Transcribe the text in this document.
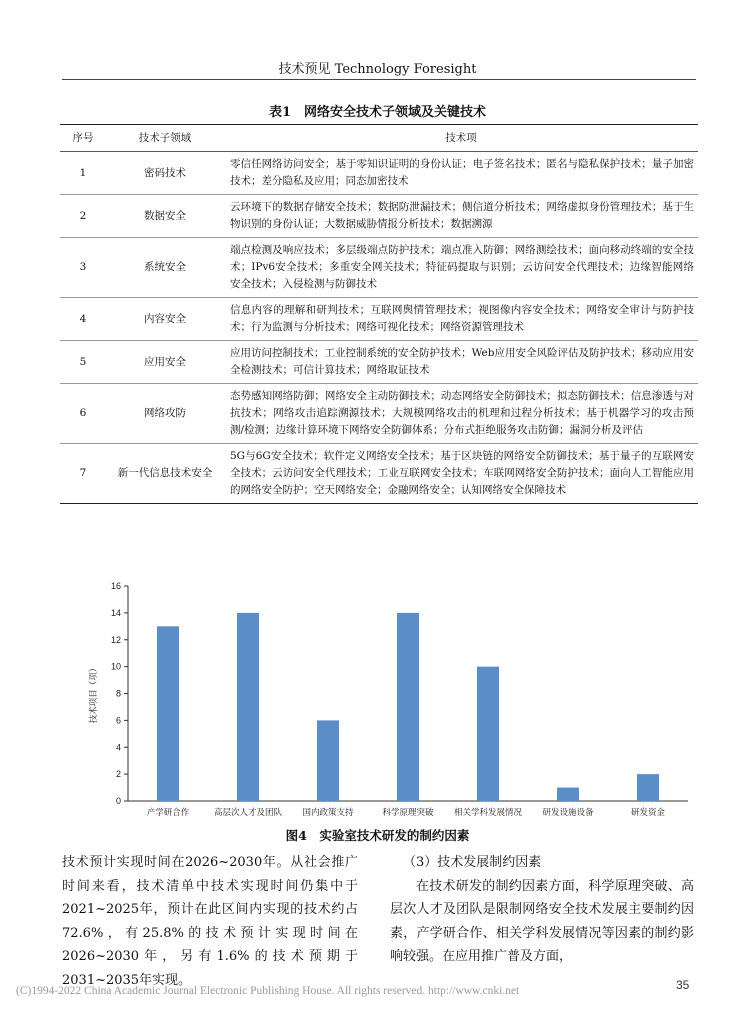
技术预见 Technology Foresight
表1　网络安全技术子领域及关键技术
序号	技术子领域	技术项
1	密码技术	零信任网络访问安全；基于零知识证明的身份认证；电子签名技术；匿名与隐私保护技术；量子加密技术；差分隐私及应用；同态加密技术
2	数据安全	云环境下的数据存储安全技术；数据防泄漏技术；侧信道分析技术；网络虚拟身份管理技术；基于生物识别的身份认证；大数据威胁情报分析技术；数据溯源
3	系统安全	端点检测及响应技术；多层级端点防护技术；端点准入防御；网络测绘技术；面向移动终端的安全技术；IPv6安全技术；多重安全网关技术；特征码提取与识别；云访问安全代理技术；边缘智能网络安全技术；入侵检测与防御技术
4	内容安全	信息内容的理解和研判技术；互联网舆情管理技术；视图像内容安全技术；网络安全审计与防护技术；行为监测与分析技术；网络可视化技术；网络资源管理技术
5	应用安全	应用访问控制技术；工业控制系统的安全防护技术；Web应用安全风险评估及防护技术；移动应用安全检测技术；可信计算技术；网络取证技术
6	网络攻防	态势感知网络防御；网络安全主动防御技术；动态网络安全防御技术；拟态防御技术；信息渗透与对抗技术；网络攻击追踪溯源技术；大规模网络攻击的机理和过程分析技术；基于机器学习的攻击预测/检测；边缘计算环境下网络安全防御体系；分布式拒绝服务攻击防御；漏洞分析及评估
7	新一代信息技术安全	5G与6G安全技术；软件定义网络安全技术；基于区块链的网络安全防御技术；基于量子的互联网安全技术；云访问安全代理技术；工业互联网安全技术；车联网网络安全防护技术；面向人工智能应用的网络安全防护；空天网络安全；金融网络安全；认知网络安全保障技术
0
2
4
6
8
10
12
14
16
技术项目（项）
产学研合作	高层次人才及团队 国内政策支持	科学原理突破 相关学科发展情况 研发设施设备	研发资金
图4　实验室技术研发的制约因素

技术预计实现时间在2026~2030年。从社会推广时间来看，技术清单中技术实现时间仍集中于2021~2025年，预计在此区间内实现的技术约占72.6%，有25.8%的技术预计实现时间在2026~2030年，另有1.6%的技术预期于2031~2035年实现。

（3）技术发展制约因素

在技术研发的制约因素方面，科学原理突破、高层次人才及团队是限制网络安全技术发展主要制约因素，产学研合作、相关学科发展情况等因素的制约影响较强。在应用推广普及方面，

(C)1994-2022 China Academic Journal Electronic Publishing House. All rights reserved. http://www.cnki.net	35
